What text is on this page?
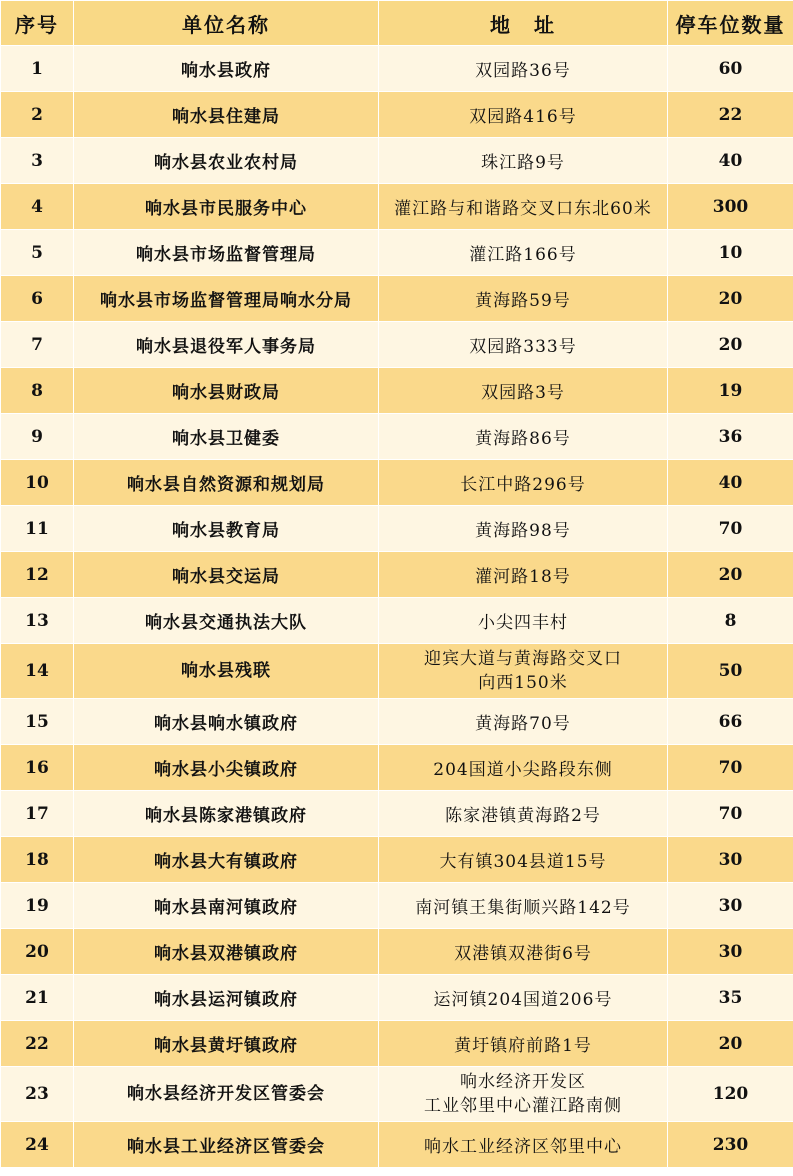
序号	单位名称	地　址	停车位数量
1	响水县政府	双园路36号	60
2	响水县住建局	双园路416号	22
3	响水县农业农村局	珠江路9号	40
4	响水县市民服务中心	灌江路与和谐路交叉口东北60米	300
5	响水县市场监督管理局	灌江路166号	10
6	响水县市场监督管理局响水分局	黄海路59号	20
7	响水县退役军人事务局	双园路333号	20
8	响水县财政局	双园路3号	19
9	响水县卫健委	黄海路86号	36
10	响水县自然资源和规划局	长江中路296号	40
11	响水县教育局	黄海路98号	70
12	响水县交运局	灌河路18号	20
13	响水县交通执法大队	小尖四丰村	8
14	响水县残联	迎宾大道与黄海路交叉口
向西150米	50
15	响水县响水镇政府	黄海路70号	66
16	响水县小尖镇政府	204国道小尖路段东侧	70
17	响水县陈家港镇政府	陈家港镇黄海路2号	70
18	响水县大有镇政府	大有镇304县道15号	30
19	响水县南河镇政府	南河镇王集街顺兴路142号	30
20	响水县双港镇政府	双港镇双港街6号	30
21	响水县运河镇政府	运河镇204国道206号	35
22	响水县黄圩镇政府	黄圩镇府前路1号	20
23	响水县经济开发区管委会	响水经济开发区
工业邻里中心灌江路南侧	120
24	响水县工业经济区管委会	响水工业经济区邻里中心	230
